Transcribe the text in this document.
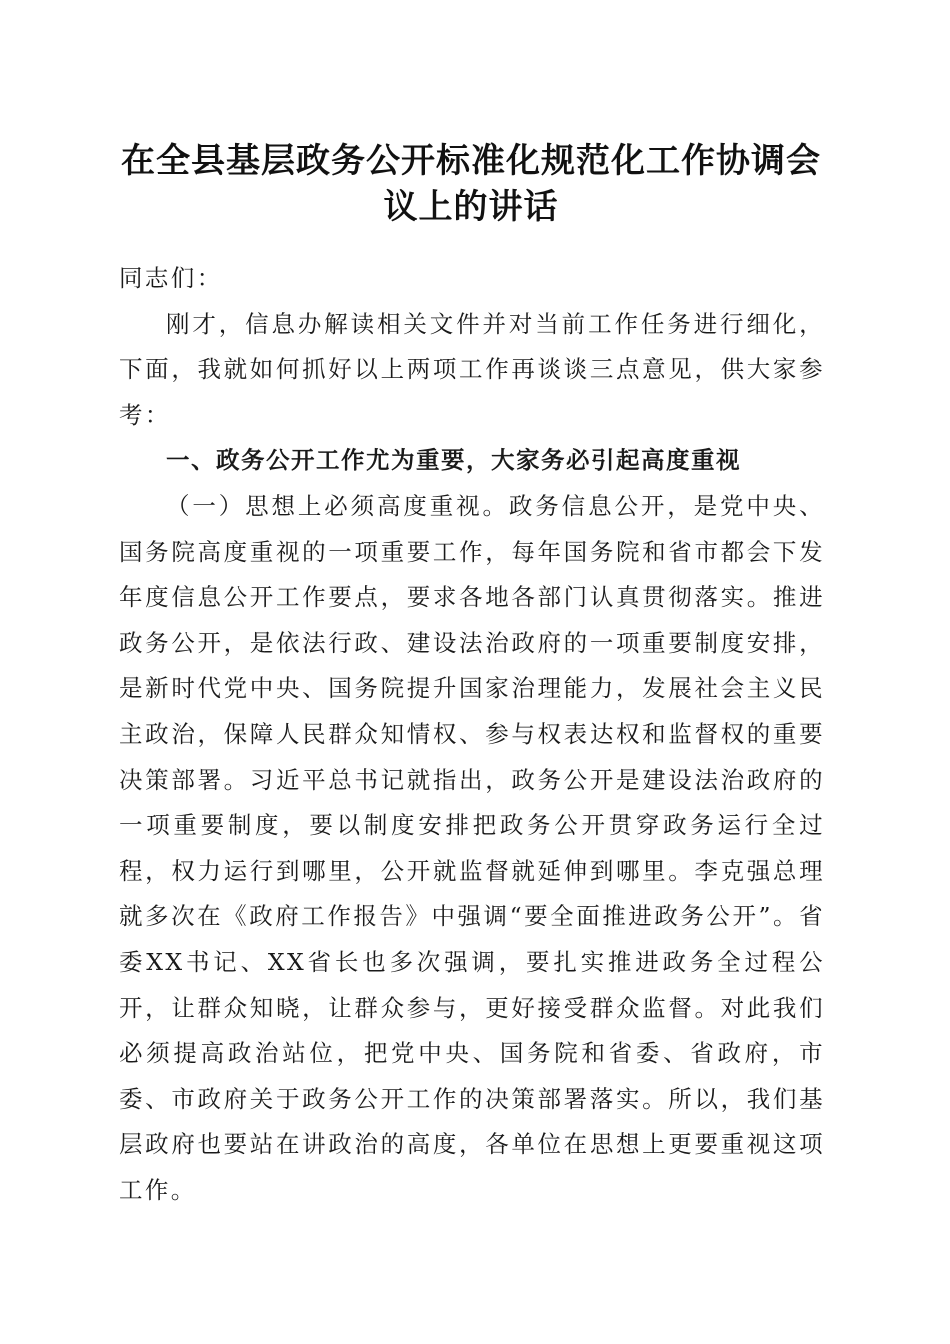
在全县基层政务公开标准化规范化工作协调会议上的讲话

同志们：

刚才，信息办解读相关文件并对当前工作任务进行细化，下面，我就如何抓好以上两项工作再谈谈三点意见，供大家参考：

一、政务公开工作尤为重要，大家务必引起高度重视

（一）思想上必须高度重视。政务信息公开，是党中央、国务院高度重视的一项重要工作，每年国务院和省市都会下发年度信息公开工作要点，要求各地各部门认真贯彻落实。推进政务公开，是依法行政、建设法治政府的一项重要制度安排，是新时代党中央、国务院提升国家治理能力，发展社会主义民主政治，保障人民群众知情权、参与权表达权和监督权的重要决策部署。习近平总书记就指出，政务公开是建设法治政府的一项重要制度，要以制度安排把政务公开贯穿政务运行全过程，权力运行到哪里，公开就监督就延伸到哪里。李克强总理就多次在《政府工作报告》中强调“要全面推进政务公开”。省委XX书记、XX省长也多次强调，要扎实推进政务全过程公开，让群众知晓，让群众参与，更好接受群众监督。对此我们必须提高政治站位，把党中央、国务院和省委、省政府，市委、市政府关于政务公开工作的决策部署落实。所以，我们基层政府也要站在讲政治的高度，各单位在思想上更要重视这项工作。
